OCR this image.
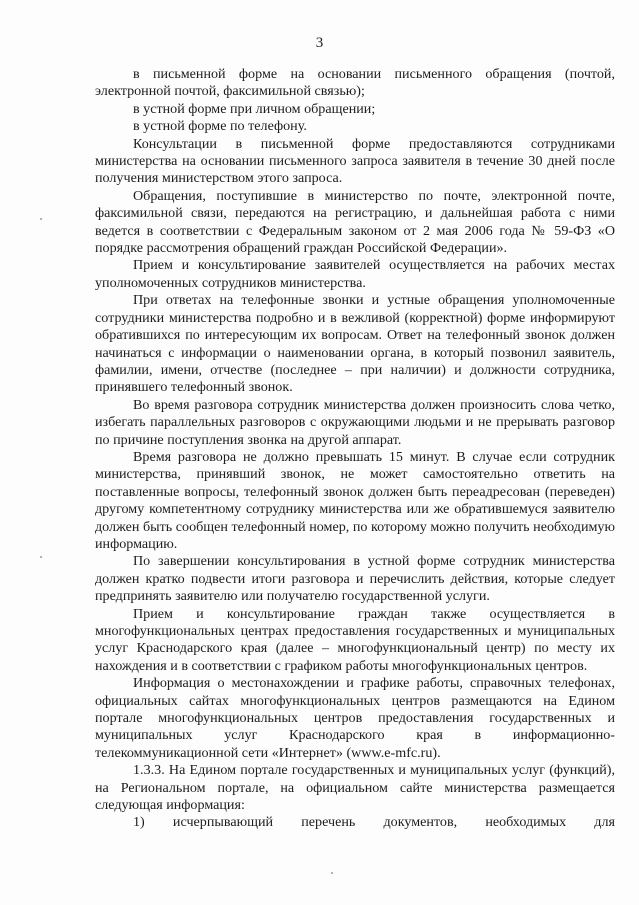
3

в письменной форме на основании письменного обращения (почтой, электронной почтой, факсимильной связью);

в устной форме при личном обращении;

в устной форме по телефону.

Консультации в письменной форме предоставляются сотрудниками министерства на основании письменного запроса заявителя в течение 30 дней после получения министерством этого запроса.

Обращения, поступившие в министерство по почте, электронной почте, факсимильной связи, передаются на регистрацию, и дальнейшая работа с ними ведется в соответствии с Федеральным законом от 2 мая 2006 года № 59-ФЗ «О порядке рассмотрения обращений граждан Российской Федерации».

Прием и консультирование заявителей осуществляется на рабочих местах уполномоченных сотрудников министерства.

При ответах на телефонные звонки и устные обращения уполномоченные сотрудники министерства подробно и в вежливой (корректной) форме информируют обратившихся по интересующим их вопросам. Ответ на телефонный звонок должен начинаться с информации о наименовании органа, в который позвонил заявитель, фамилии, имени, отчестве (последнее – при наличии) и должности сотрудника, принявшего телефонный звонок.

Во время разговора сотрудник министерства должен произносить слова четко, избегать параллельных разговоров с окружающими людьми и не прерывать разговор по причине поступления звонка на другой аппарат.

Время разговора не должно превышать 15 минут. В случае если сотрудник министерства, принявший звонок, не может самостоятельно ответить на поставленные вопросы, телефонный звонок должен быть переадресован (переведен) другому компетентному сотруднику министерства или же обратившемуся заявителю должен быть сообщен телефонный номер, по которому можно получить необходимую информацию.

По завершении консультирования в устной форме сотрудник министерства должен кратко подвести итоги разговора и перечислить действия, которые следует предпринять заявителю или получателю государственной услуги.

Прием и консультирование граждан также осуществляется в многофункциональных центрах предоставления государственных и муниципальных услуг Краснодарского края (далее – многофункциональный центр) по месту их нахождения и в соответствии с графиком работы многофункциональных центров.

Информация о местонахождении и графике работы, справочных телефонах, официальных сайтах многофункциональных центров размещаются на Едином портале многофункциональных центров предоставления государственных и муниципальных услуг Краснодарского края в информационно-телекоммуникационной сети «Интернет» (www.e-mfc.ru).

1.3.3. На Едином портале государственных и муниципальных услуг (функций), на Региональном портале, на официальном сайте министерства размещается следующая информация:

1) исчерпывающий перечень документов, необходимых для
